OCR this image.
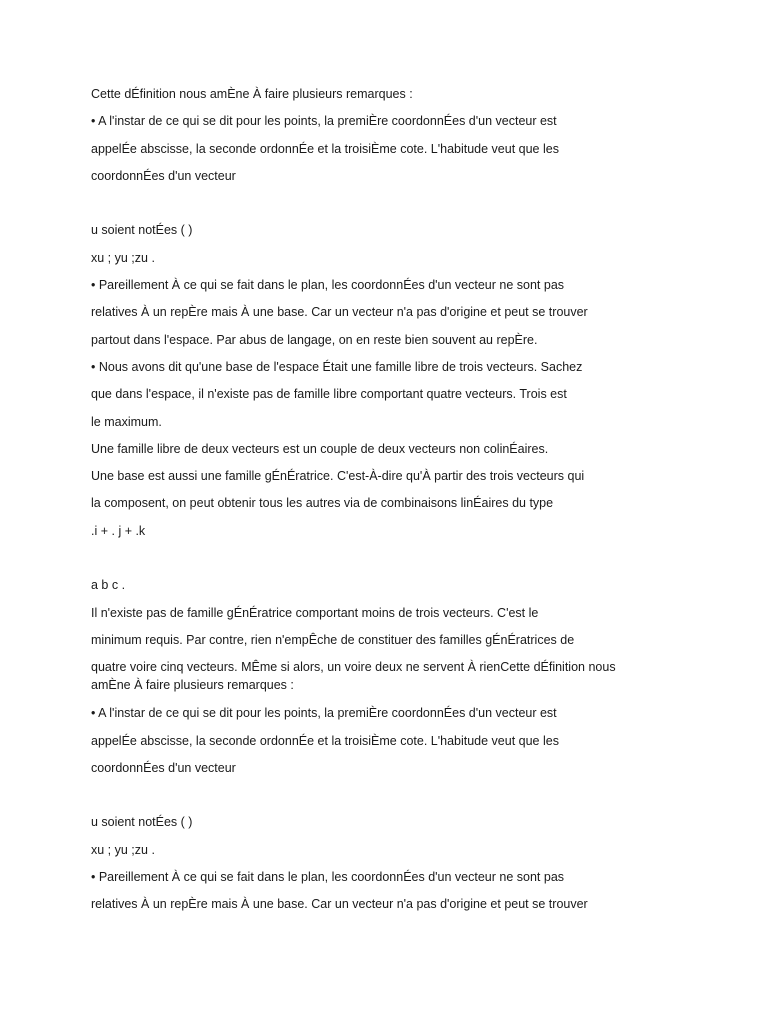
Cette dÉfinition nous amÈne À faire plusieurs remarques :
• A l'instar de ce qui se dit pour les points, la premiÈre coordonnÉes d'un vecteur est
appelÉe abscisse, la seconde ordonnÉe et la troisiÈme cote. L'habitude veut que les
coordonnÉes d'un vecteur
u soient notÉes ( )
xu ; yu ;zu .
• Pareillement À ce qui se fait dans le plan, les coordonnÉes d'un vecteur ne sont pas
relatives À un repÈre mais À une base. Car un vecteur n'a pas d'origine et peut se trouver
partout dans l'espace. Par abus de langage, on en reste bien souvent au repÈre.
• Nous avons dit qu'une base de l'espace Était une famille libre de trois vecteurs. Sachez
que dans l'espace, il n'existe pas de famille libre comportant quatre vecteurs. Trois est
le maximum.
Une famille libre de deux vecteurs est un couple de deux vecteurs non colinÉaires.
Une base est aussi une famille gÉnÉratrice. C'est-À-dire qu'À partir des trois vecteurs qui
la composent, on peut obtenir tous les autres via de combinaisons linÉaires du type
.i + . j + .k
a b c .
Il n'existe pas de famille gÉnÉratrice comportant moins de trois vecteurs. C'est le
minimum requis. Par contre, rien n'empÊche de constituer des familles gÉnÉratrices de
quatre voire cinq vecteurs. MÊme si alors, un voire deux ne servent À rienCette dÉfinition nous amÈne À faire plusieurs remarques :
• A l'instar de ce qui se dit pour les points, la premiÈre coordonnÉes d'un vecteur est
appelÉe abscisse, la seconde ordonnÉe et la troisiÈme cote. L'habitude veut que les
coordonnÉes d'un vecteur
u soient notÉes ( )
xu ; yu ;zu .
• Pareillement À ce qui se fait dans le plan, les coordonnÉes d'un vecteur ne sont pas
relatives À un repÈre mais À une base. Car un vecteur n'a pas d'origine et peut se trouver
